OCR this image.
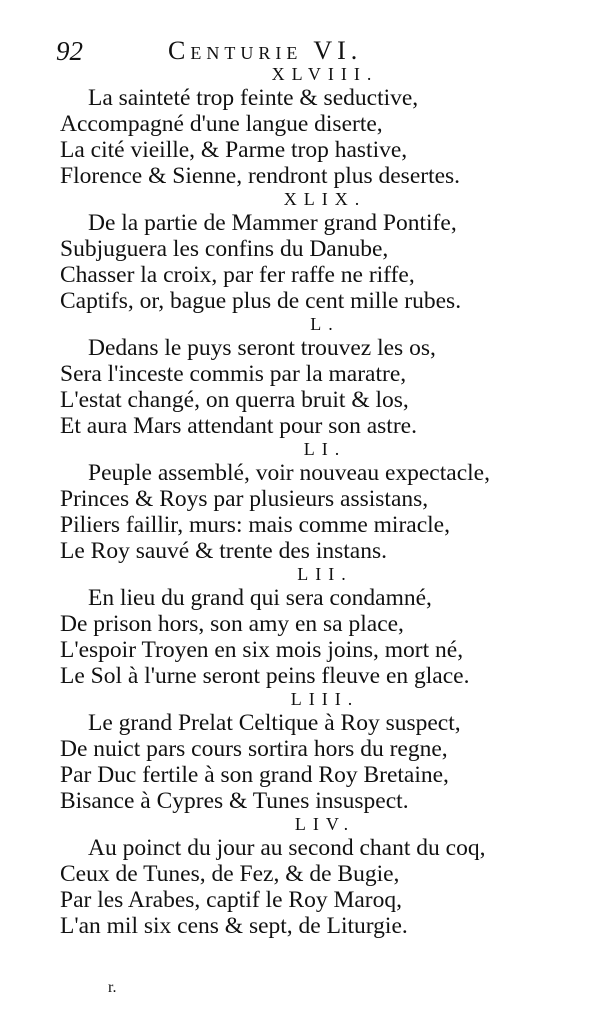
92	Centurie VI.
XLVIII.
La sainteté trop feinte & seductive,
Accompagné d'une langue diserte,
La cité vieille, & Parme trop hastive,
Florence & Sienne, rendront plus desertes.
XLIX.
De la partie de Mammer grand Pontife,
Subjuguera les confins du Danube,
Chasser la croix, par fer raffe ne riffe,
Captifs, or, bague plus de cent mille rubes.
L.
Dedans le puys seront trouvez les os,
Sera l'inceste commis par la maratre,
L'estat changé, on querra bruit & los,
Et aura Mars attendant pour son astre.
LI.
Peuple assemblé, voir nouveau expectacle,
Princes & Roys par plusieurs assistans,
Piliers faillir, murs: mais comme miracle,
Le Roy sauvé & trente des instans.
LII.
En lieu du grand qui sera condamné,
De prison hors, son amy en sa place,
L'espoir Troyen en six mois joins, mort né,
Le Sol à l'urne seront peins fleuve en glace.
LIII.
Le grand Prelat Celtique à Roy suspect,
De nuict pars cours sortira hors du regne,
Par Duc fertile à son grand Roy Bretaine,
Bisance à Cypres & Tunes insuspect.
LIV.
Au poinct du jour au second chant du coq,
Ceux de Tunes, de Fez, & de Bugie,
Par les Arabes, captif le Roy Maroq,
L'an mil six cens & sept, de Liturgie.
r.
